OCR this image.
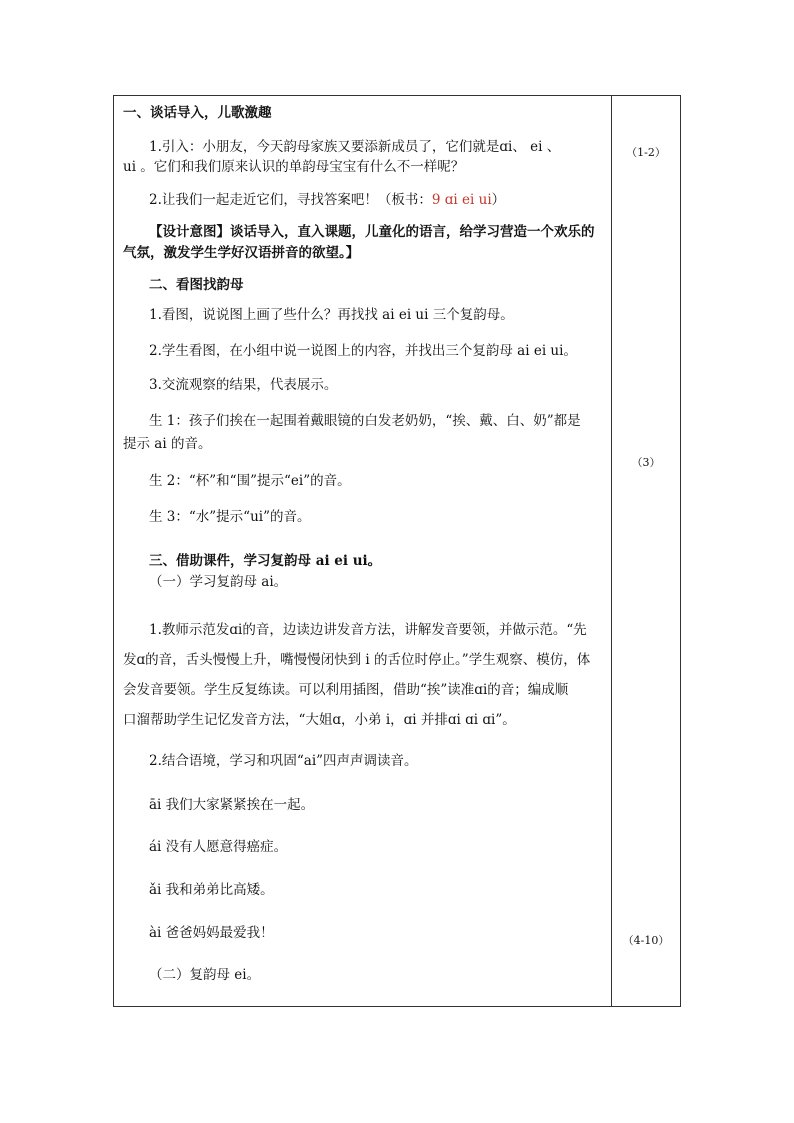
一、谈话导入，儿歌激趣
1.引入：小朋友，今天韵母家族又要添新成员了，它们就是ɑi、 ei 、
ui 。它们和我们原来认识的单韵母宝宝有什么不一样呢？
2.让我们一起走近它们，寻找答案吧！（板书：9 ɑi ei ui）
【设计意图】谈话导入，直入课题，儿童化的语言，给学习营造一个欢乐的
气氛，激发学生学好汉语拼音的欲望。】
二、看图找韵母
1.看图，说说图上画了些什么？再找找 ai ei ui 三个复韵母。
2.学生看图，在小组中说一说图上的内容，并找出三个复韵母 ai ei ui。
3.交流观察的结果，代表展示。
生 1：孩子们挨在一起围着戴眼镜的白发老奶奶，“挨、戴、白、奶”都是
提示 ai 的音。
生 2：“杯”和“围”提示“ei”的音。
生 3：“水”提示“ui”的音。
三、借助课件，学习复韵母 ai ei ui。
（一）学习复韵母 ai。
1.教师示范发ɑi的音，边读边讲发音方法，讲解发音要领，并做示范。“先
发ɑ的音，舌头慢慢上升，嘴慢慢闭快到 i 的舌位时停止。”学生观察、模仿，体
会发音要领。学生反复练读。可以利用插图，借助“挨”读准ɑi的音；编成顺
口溜帮助学生记忆发音方法，“大姐ɑ，小弟 i，ɑi 并排ɑi ɑi ɑi”。
2.结合语境，学习和巩固“ai”四声声调读音。
āi 我们大家紧紧挨在一起。
ái 没有人愿意得癌症。
ǎi 我和弟弟比高矮。
ài 爸爸妈妈最爱我！
（二）复韵母 ei。
（1-2）
（3）
（4-10）
